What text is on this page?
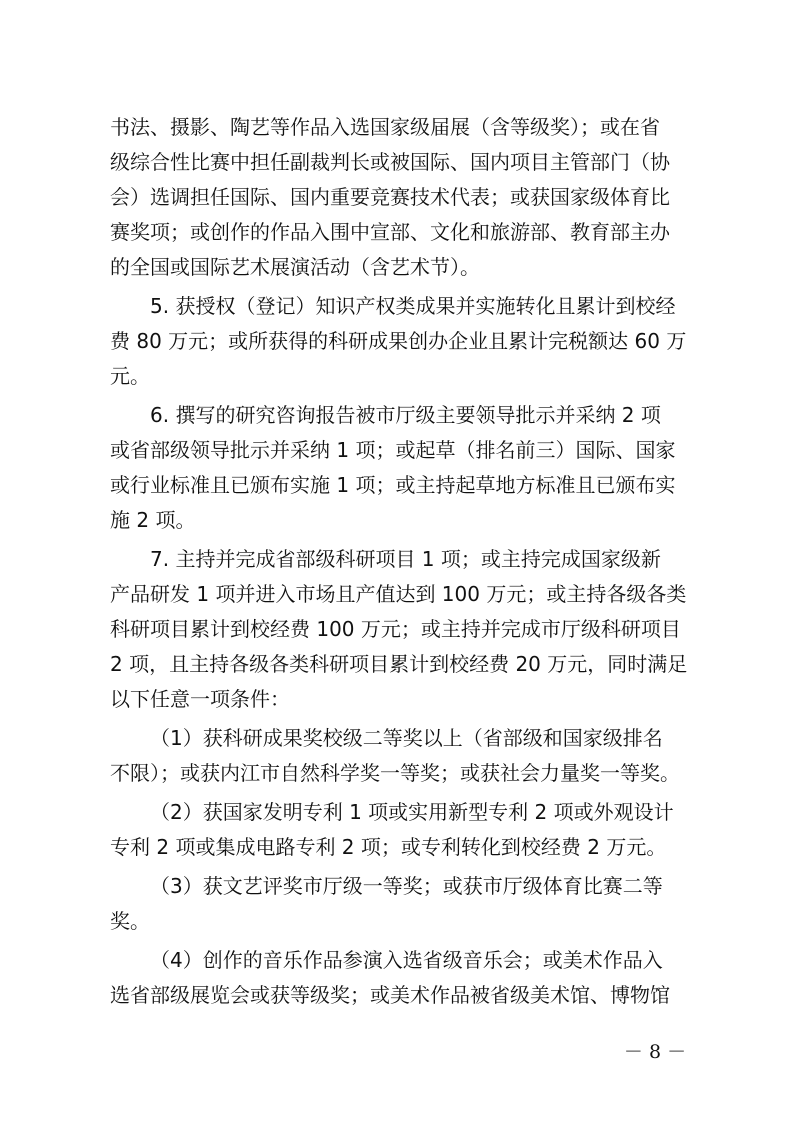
书法、摄影、陶艺等作品入选国家级届展（含等级奖）；或在省
级综合性比赛中担任副裁判长或被国际、国内项目主管部门（协
会）选调担任国际、国内重要竞赛技术代表；或获国家级体育比
赛奖项；或创作的作品入围中宣部、文化和旅游部、教育部主办
的全国或国际艺术展演活动（含艺术节）。
5. 获授权（登记）知识产权类成果并实施转化且累计到校经
费 80 万元；或所获得的科研成果创办企业且累计完税额达 60 万
元。
6. 撰写的研究咨询报告被市厅级主要领导批示并采纳 2 项
或省部级领导批示并采纳 1 项；或起草（排名前三）国际、国家
或行业标准且已颁布实施 1 项；或主持起草地方标准且已颁布实
施 2 项。
7. 主持并完成省部级科研项目 1 项；或主持完成国家级新
产品研发 1 项并进入市场且产值达到 100 万元；或主持各级各类
科研项目累计到校经费 100 万元；或主持并完成市厅级科研项目
2 项，且主持各级各类科研项目累计到校经费 20 万元，同时满足
以下任意一项条件：
（1）获科研成果奖校级二等奖以上（省部级和国家级排名
不限）；或获内江市自然科学奖一等奖；或获社会力量奖一等奖。
（2）获国家发明专利 1 项或实用新型专利 2 项或外观设计
专利 2 项或集成电路专利 2 项；或专利转化到校经费 2 万元。
（3）获文艺评奖市厅级一等奖；或获市厅级体育比赛二等
奖。
（4）创作的音乐作品参演入选省级音乐会；或美术作品入
选省部级展览会或获等级奖；或美术作品被省级美术馆、博物馆
－ 8 －
